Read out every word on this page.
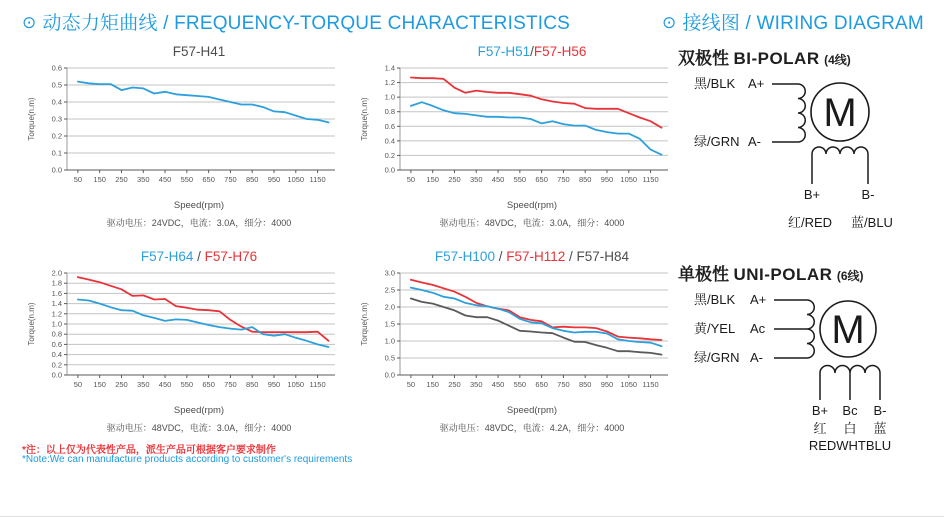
⊙ 动态力矩曲线 / FREQUENCY-TORQUE CHARACTERISTICS	⊙ 接线图 / WIRING DIAGRAM
F57-H41
0.0
0.1
0.2
0.3
0.4
0.5
0.6
50 150 250 350 450 550 650 750 850 950 1050 1150
Torque(n.m)
Speed(rpm)
驱动电压：24VDC，电流：3.0A，细分：4000
F57-H51/F57-H56
0.0
0.2
0.4
0.6
0.8
1.0
1.2
1.4
50 150 250 350 450 550 650 750 850 950 1050 1150
Torque(n.m)
Speed(rpm)
驱动电压：48VDC，电流：3.0A，细分：4000
F57-H64 / F57-H76
0.0
0.2
0.4
0.6
0.8
1.0
1.2
1.4
1.6
1.8
2.0
50 150 250 350 450 550 650 750 850 950 1050 1150
Torque(n.m)
Speed(rpm)
驱动电压：48VDC，电流：3.0A，细分：4000
F57-H100 / F57-H112 / F57-H84
0.0
0.5
1.0
1.5
2.0
2.5
3.0
50 150 250 350 450 550 650 750 850 950 1050 1150
Torque(n.m)
Speed(rpm)
驱动电压：48VDC，电流：4.2A，细分：4000
双极性 BI-POLAR (4线)
黑/BLK A+
绿/GRN A-
M
B+	B-
红/RED 蓝/BLU
单极性 UNI-POLAR (6线)
黑/BLK A+
黄/YEL Ac
绿/GRN A-
M
B+ Bc B-
红 白 蓝
REDWHTBLU
*注：以上仅为代表性产品，派生产品可根据客户要求制作
*Note:We can manufacture products according to customer's requirements
